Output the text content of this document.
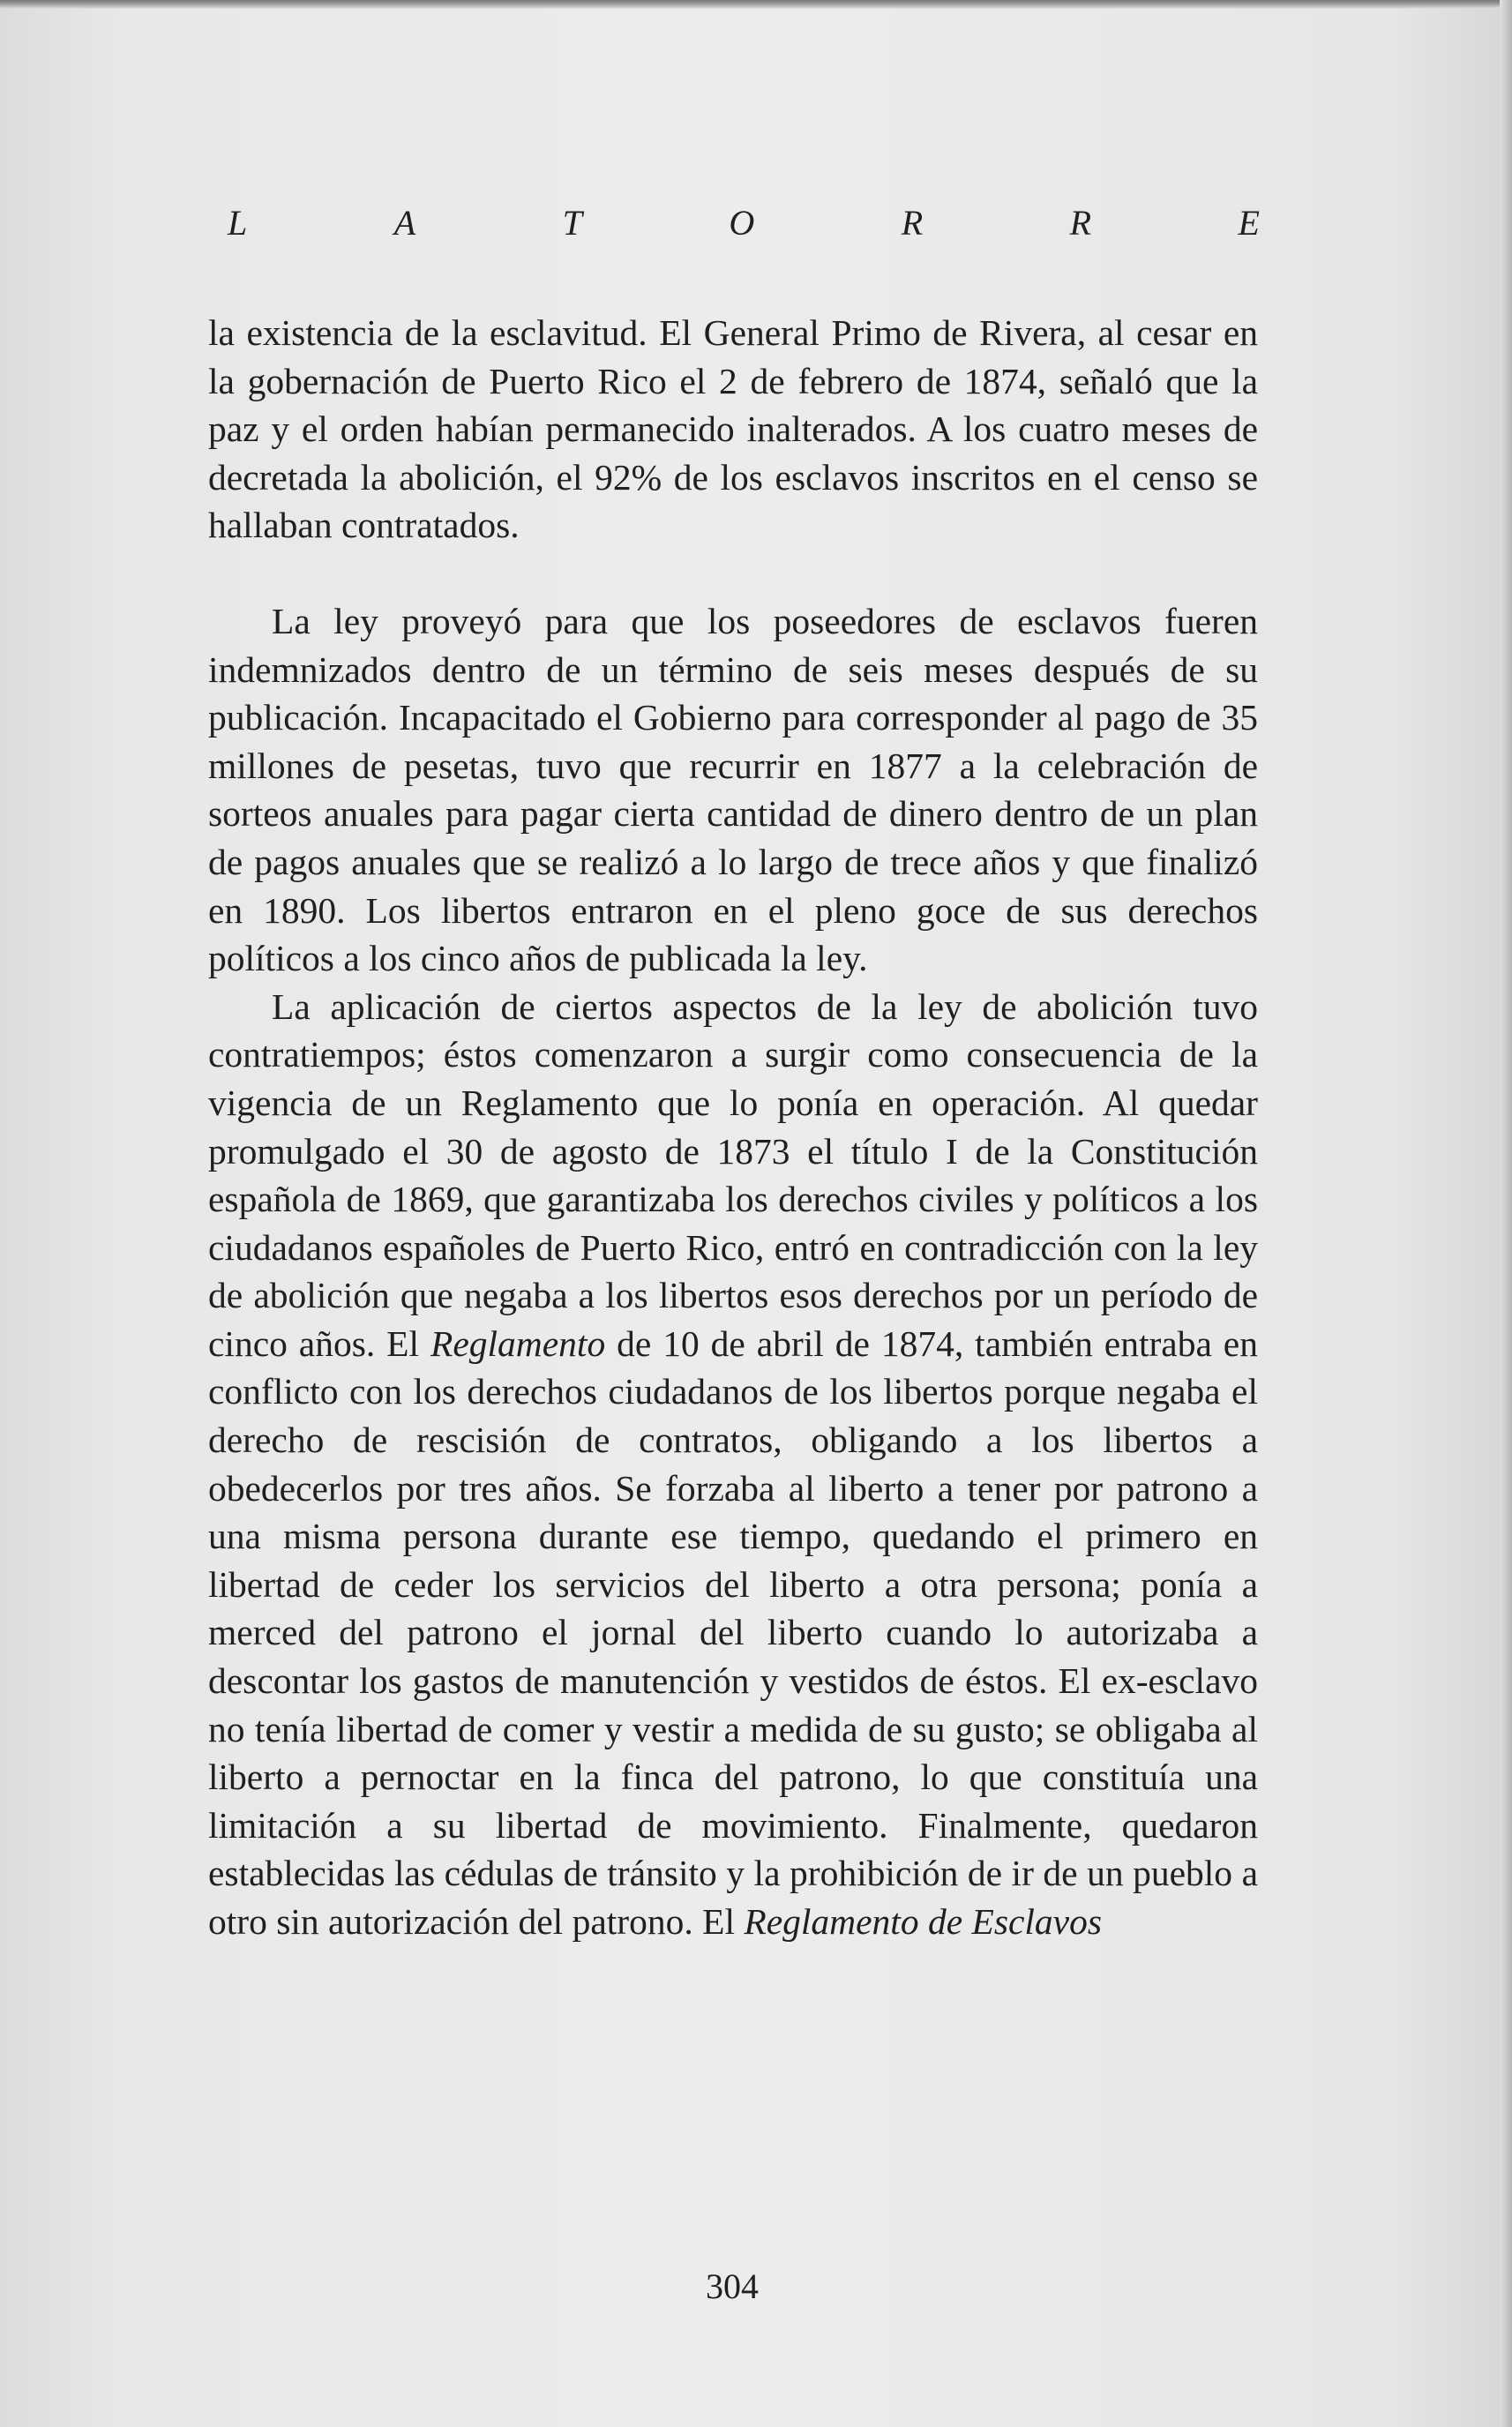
L	A	T	O	R	R	E

la existencia de la esclavitud. El General Primo de Rivera, al cesar en la gobernación de Puerto Rico el 2 de febrero de 1874, señaló que la paz y el orden habían permanecido inalterados. A los cuatro meses de decretada la abolición, el 92% de los esclavos inscritos en el censo se hallaban contratados.

La ley proveyó para que los poseedores de esclavos fueren indemnizados dentro de un término de seis meses después de su publicación. Incapacitado el Gobierno para corresponder al pago de 35 millones de pesetas, tuvo que recurrir en 1877 a la celebración de sorteos anuales para pagar cierta cantidad de dinero dentro de un plan de pagos anuales que se realizó a lo largo de trece años y que finalizó en 1890. Los libertos entraron en el pleno goce de sus derechos políticos a los cinco años de publicada la ley.

La aplicación de ciertos aspectos de la ley de abolición tuvo contratiempos; éstos comenzaron a surgir como consecuencia de la vigencia de un Reglamento que lo ponía en operación. Al quedar promulgado el 30 de agosto de 1873 el título I de la Constitución española de 1869, que garantizaba los derechos civiles y políticos a los ciudadanos españoles de Puerto Rico, entró en contradicción con la ley de abolición que negaba a los libertos esos derechos por un período de cinco años. El Reglamento de 10 de abril de 1874, también entraba en conflicto con los derechos ciudadanos de los libertos porque negaba el derecho de rescisión de contratos, obligando a los libertos a obedecerlos por tres años. Se forzaba al liberto a tener por patrono a una misma persona durante ese tiempo, quedando el primero en libertad de ceder los servicios del liberto a otra persona; ponía a merced del patrono el jornal del liberto cuando lo autorizaba a descontar los gastos de manutención y vestidos de éstos. El ex-esclavo no tenía libertad de comer y vestir a medida de su gusto; se obligaba al liberto a pernoctar en la finca del patrono, lo que constituía una limitación a su libertad de movimiento. Finalmente, quedaron establecidas las cédulas de tránsito y la prohibición de ir de un pueblo a otro sin autorización del patrono. El Reglamento de Esclavos

304
